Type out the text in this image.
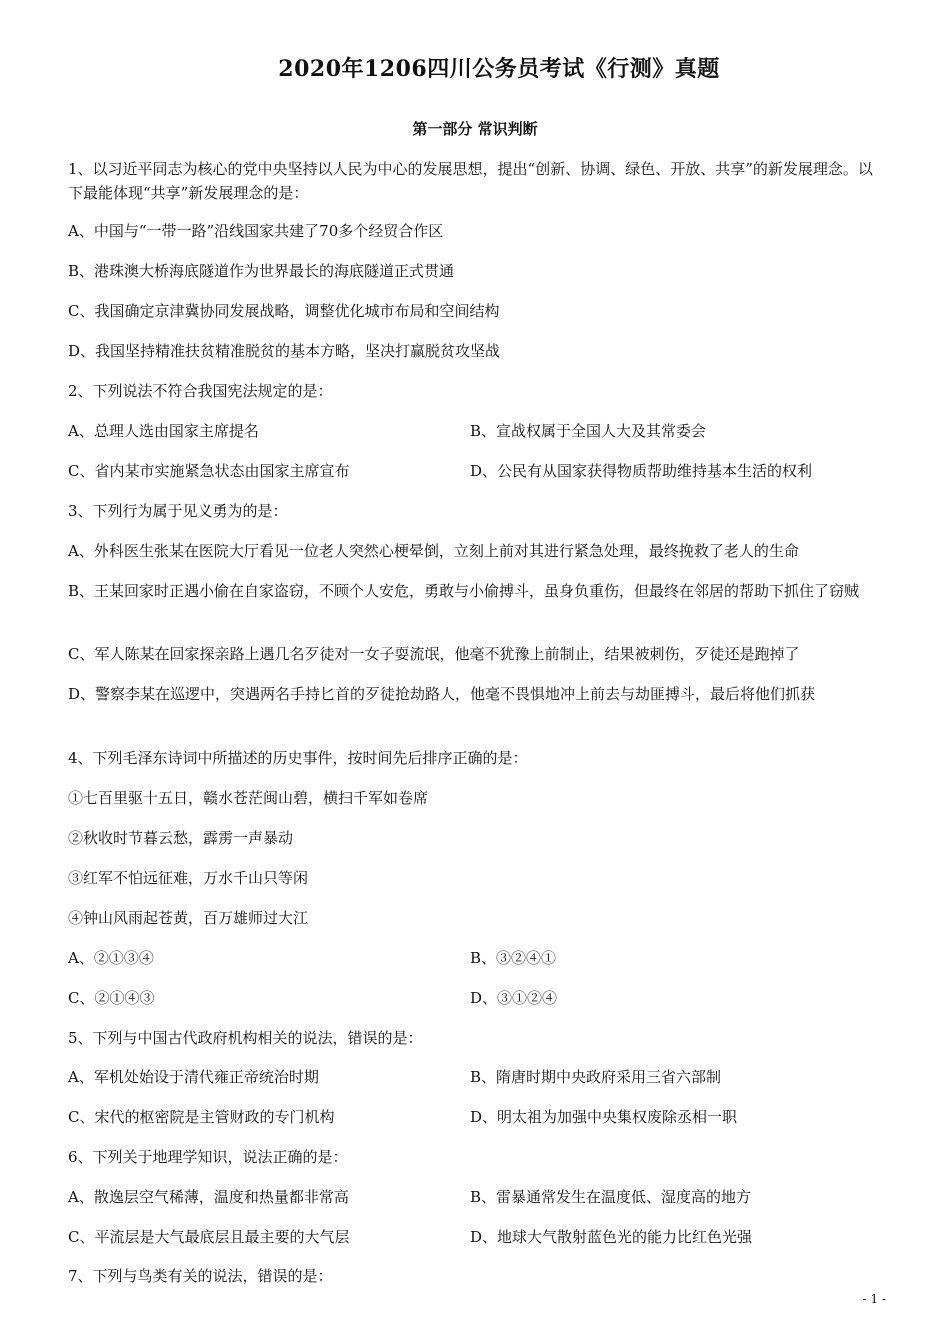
2020年1206四川公务员考试《行测》真题
第一部分 常识判断
1、以习近平同志为核心的党中央坚持以人民为中心的发展思想，提出“创新、协调、绿色、开放、共享”的新发展理念。以下最能体现“共享”新发展理念的是：
A、中国与“一带一路”沿线国家共建了70多个经贸合作区
B、港珠澳大桥海底隧道作为世界最长的海底隧道正式贯通
C、我国确定京津冀协同发展战略，调整优化城市布局和空间结构
D、我国坚持精准扶贫精准脱贫的基本方略，坚决打赢脱贫攻坚战
2、下列说法不符合我国宪法规定的是：
A、总理人选由国家主席提名	B、宣战权属于全国人大及其常委会
C、省内某市实施紧急状态由国家主席宣布	D、公民有从国家获得物质帮助维持基本生活的权利
3、下列行为属于见义勇为的是：
A、外科医生张某在医院大厅看见一位老人突然心梗晕倒，立刻上前对其进行紧急处理，最终挽救了老人的生命
B、王某回家时正遇小偷在自家盗窃，不顾个人安危，勇敢与小偷搏斗，虽身负重伤，但最终在邻居的帮助下抓住了窃贼
C、军人陈某在回家探亲路上遇几名歹徒对一女子耍流氓，他毫不犹豫上前制止，结果被刺伤，歹徒还是跑掉了
D、警察李某在巡逻中，突遇两名手持匕首的歹徒抢劫路人，他毫不畏惧地冲上前去与劫匪搏斗，最后将他们抓获
4、下列毛泽东诗词中所描述的历史事件，按时间先后排序正确的是：
①七百里驱十五日，赣水苍茫闽山碧，横扫千军如卷席
②秋收时节暮云愁，霹雳一声暴动
③红军不怕远征难，万水千山只等闲
④钟山风雨起苍黄，百万雄师过大江
A、②①③④	B、③②④①
C、②①④③	D、③①②④
5、下列与中国古代政府机构相关的说法，错误的是：
A、军机处始设于清代雍正帝统治时期	B、隋唐时期中央政府采用三省六部制
C、宋代的枢密院是主管财政的专门机构	D、明太祖为加强中央集权废除丞相一职
6、下列关于地理学知识，说法正确的是：
A、散逸层空气稀薄，温度和热量都非常高	B、雷暴通常发生在温度低、湿度高的地方
C、平流层是大气最底层且最主要的大气层	D、地球大气散射蓝色光的能力比红色光强
7、下列与鸟类有关的说法，错误的是：
- 1 -
